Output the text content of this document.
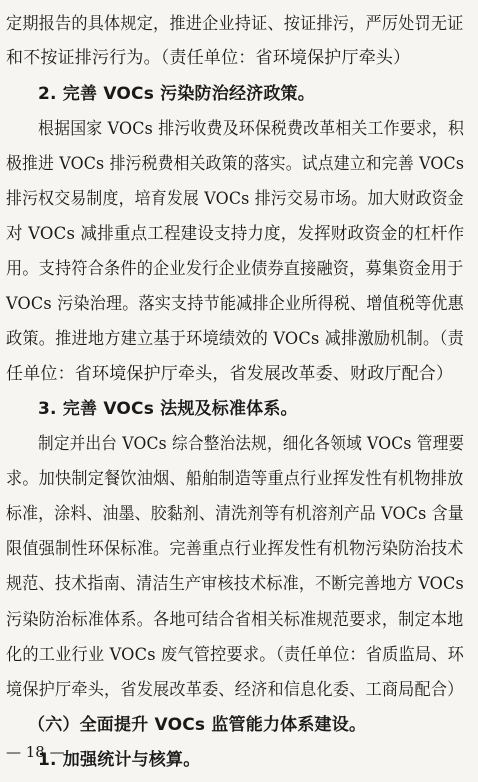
定期报告的具体规定，推进企业持证、按证排污，严厉处罚无证
和不按证排污行为。（责任单位：省环境保护厅牵头）
2. 完善 VOCs 污染防治经济政策。
根据国家 VOCs 排污收费及环保税费改革相关工作要求，积
极推进 VOCs 排污税费相关政策的落实。试点建立和完善 VOCs
排污权交易制度，培育发展 VOCs 排污交易市场。加大财政资金
对 VOCs 减排重点工程建设支持力度，发挥财政资金的杠杆作
用。支持符合条件的企业发行企业债券直接融资，募集资金用于
VOCs 污染治理。落实支持节能减排企业所得税、增值税等优惠
政策。推进地方建立基于环境绩效的 VOCs 减排激励机制。（责
任单位：省环境保护厅牵头，省发展改革委、财政厅配合）
3. 完善 VOCs 法规及标准体系。
制定并出台 VOCs 综合整治法规，细化各领域 VOCs 管理要
求。加快制定餐饮油烟、船舶制造等重点行业挥发性有机物排放
标准，涂料、油墨、胶黏剂、清洗剂等有机溶剂产品 VOCs 含量
限值强制性环保标准。完善重点行业挥发性有机物污染防治技术
规范、技术指南、清洁生产审核技术标准，不断完善地方 VOCs
污染防治标准体系。各地可结合省相关标准规范要求，制定本地
化的工业行业 VOCs 废气管控要求。（责任单位：省质监局、环
境保护厅牵头，省发展改革委、经济和信息化委、工商局配合）
（六）全面提升 VOCs 监管能力体系建设。
1. 加强统计与核算。
— 18 —
